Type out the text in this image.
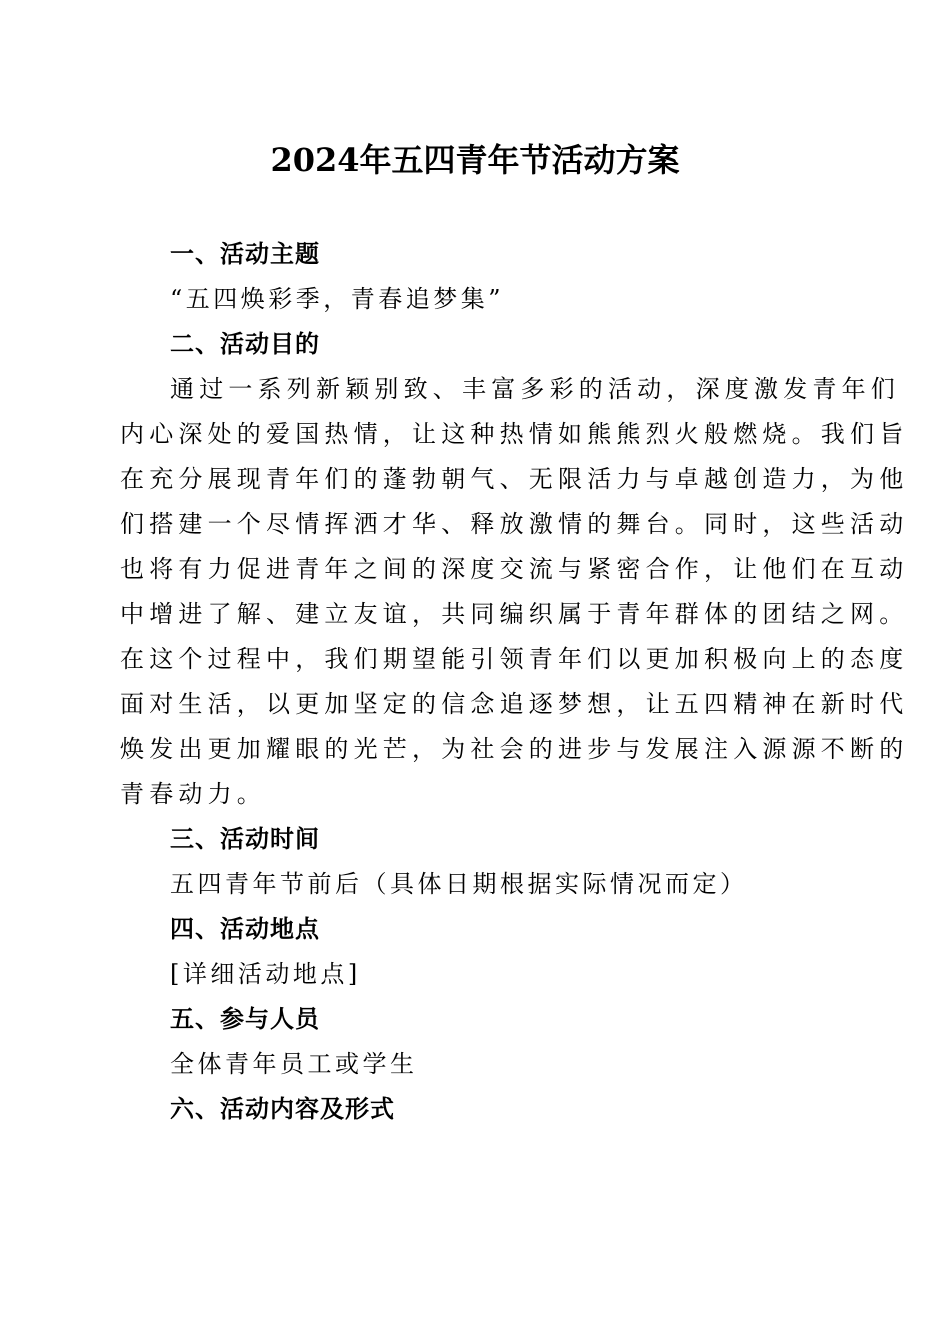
2024年五四青年节活动方案

一、活动主题

“五四焕彩季，青春追梦集”

二、活动目的

通过一系列新颖别致、丰富多彩的活动，深度激发青年们

内心深处的爱国热情，让这种热情如熊熊烈火般燃烧。我们旨

在充分展现青年们的蓬勃朝气、无限活力与卓越创造力，为他

们搭建一个尽情挥洒才华、释放激情的舞台。同时，这些活动

也将有力促进青年之间的深度交流与紧密合作，让他们在互动

中增进了解、建立友谊，共同编织属于青年群体的团结之网。

在这个过程中，我们期望能引领青年们以更加积极向上的态度

面对生活，以更加坚定的信念追逐梦想，让五四精神在新时代

焕发出更加耀眼的光芒，为社会的进步与发展注入源源不断的

青春动力。

三、活动时间

五四青年节前后（具体日期根据实际情况而定）

四、活动地点

[详细活动地点]

五、参与人员

全体青年员工或学生

六、活动内容及形式
